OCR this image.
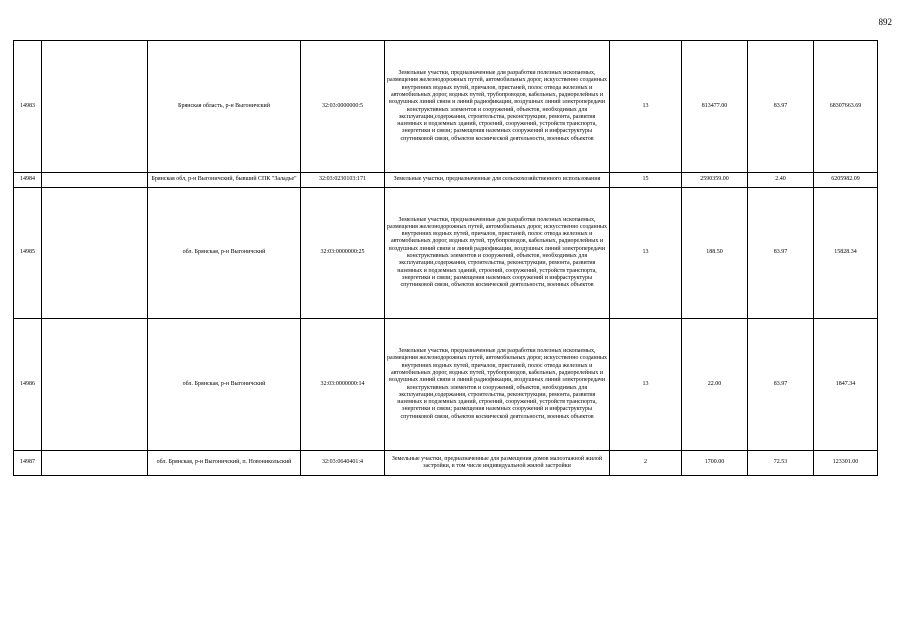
892
14983		Брянская область, р-н Выгоничский	32:03:0000000:5	Земельные участки, предназначенные для разработки полезных ископаемых, размещения железнодорожных путей, автомобильных дорог, искусственно созданных внутренних водных путей, причалов, пристаней, полос отвода железных и автомобильных дорог, водных путей, трубопроводов, кабельных, радиорелейных и воздушных линий связи и линий радиофикации, воздушных линий электропередачи конструктивных элементов и сооружений, объектов, необходимых для эксплуатации,содержания, строительства, реконструкции, ремонта, развития наземных и подземных зданий, строений, сооружений, устройств транспорта, энергетики и связи; размещения наземных сооружений и инфраструктуры спутниковой связи, объектов космической деятельности, военных объектов	13	813477.00	83.97	68307663.69
14984		Брянская обл, р-н Выгоничский, бывший СПК "Заладье"	32:03:0230103:171	Земельные участки, предназначенные для сельскохозяйственного использования	15	2590359.00	2.40	6205982.09
14985		обл. Брянская, р-н Выгоничский	32:03:0000000:25	Земельные участки, предназначенные для разработки полезных ископаемых, размещения железнодорожных путей, автомобильных дорог, искусственно созданных внутренних водных путей, причалов, пристаней, полос отвода железных и автомобильных дорог, водных путей, трубопроводов, кабельных, радиорелейных и воздушных линий связи и линий радиофикации, воздушных линий электропередачи конструктивных элементов и сооружений, объектов, необходимых для эксплуатации,содержания, строительства, реконструкции, ремонта, развития наземных и подземных зданий, строений, сооружений, устройств транспорта, энергетики и связи; размещения наземных сооружений и инфраструктуры спутниковой связи, объектов космической деятельности, военных объектов	13	188.50	83.97	15828.34
14986		обл. Брянская, р-н Выгоничский	32:03:0000000:14	Земельные участки, предназначенные для разработки полезных ископаемых, размещения железнодорожных путей, автомобильных дорог, искусственно созданных внутренних водных путей, причалов, пристаней, полос отвода железных и автомобильных дорог, водных путей, трубопроводов, кабельных, радиорелейных и воздушных линий связи и линий радиофикации, воздушных линий электропередачи конструктивных элементов и сооружений, объектов, необходимых для эксплуатации,содержания, строительства, реконструкции, ремонта, развития наземных и подземных зданий, строений, сооружений, устройств транспорта, энергетики и связи; размещения наземных сооружений и инфраструктуры спутниковой связи, объектов космической деятельности, военных объектов	13	22.00	83.97	1847.34
14987		обл. Брянская, р-н Выгоничский, п. Новоникольский	32:03:0640401:4	Земельные участки, предназначенные для размещения домов малоэтажной жилой застройки, в том числе индивидуальной жилой застройки	2	1700.00	72.53	123301.00
